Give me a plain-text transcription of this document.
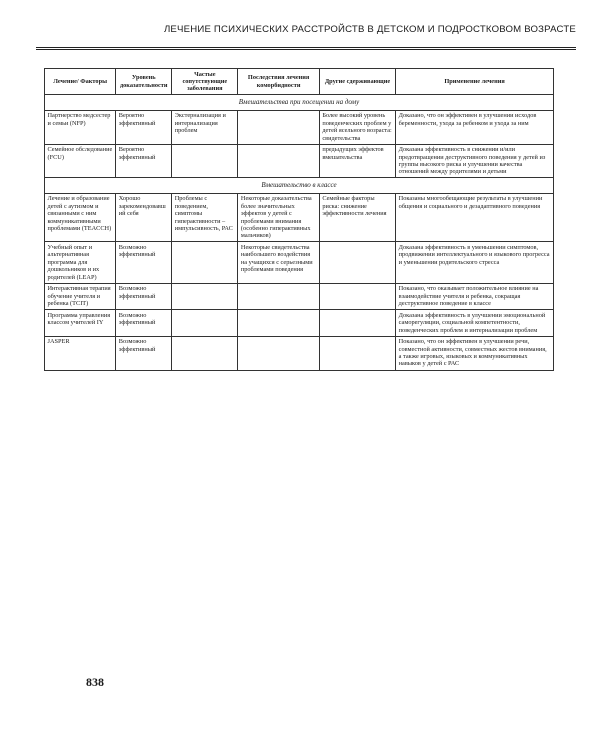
ЛЕЧЕНИЕ ПСИХИЧЕСКИХ РАССТРОЙСТВ В ДЕТСКОМ И ПОДРОСТКОВОМ ВОЗРАСТЕ
Лечение/ Факторы	Уровень доказательности	Частые сопутствующие заболевания	Последствия лечения коморбидности	Другие сдерживающие	Применение лечения
Вмешательства при посещении на дому					
Партнерство медсестер и семьи (NFP)	Вероятно эффективный	Экстернализация и интернализация проблем		Более высокий уровень поведенческих проблем у детей ясельного возраста: свидетельства	Доказано, что он эффективен в улучшении исходов беременности, ухода за ребенком и ухода за ним
Семейное обследование (FCU)	Вероятно эффективный			предыдущих эффектов вмешательства	Доказана эффективность в снижении и/или предотвращении деструктивного поведения у детей из группы высокого риска и улучшении качества отношений между родителями и детьми
Вмешательство в классе					
Лечение и образование детей с аутизмом и связанными с ним коммуникативными проблемами (TEACCH)	Хорошо зарекомендовавший себя	Проблемы с поведением, симптомы гиперактивности – импульсивность, РАС	Некоторые доказательства более значительных эффектов у детей с проблемами внимания (особенно гиперактивных мальчиков)	Семейные факторы риска: снижение эффективности лечения	Показаны многообещающие результаты в улучшении общения и социального и дезадаптивного поведения
Учебный опыт и альтернативная программа для дошкольников и их родителей (LEAP)	Возможно эффективный		Некоторые свидетельства наибольшего воздействия на учащихся с серьезными проблемами поведения		Доказана эффективность в уменьшении симптомов, продвижении интеллектуального и языкового прогресса и уменьшении родительского стресса
Интерактивная терапия обучение учителя и ребенка (TCIT)	Возможно эффективный				Показано, что оказывает положительное влияние на взаимодействие учителя и ребенка, сокращая деструктивное поведение в классе
Программа управления классом учителей IY	Возможно эффективный				Доказана эффективность в улучшении эмоциональной саморегуляции, социальной компетентности, поведенческих проблем и интернализации проблем
JASPER	Возможно эффективный				Показано, что он эффективен в улучшении речи, совместной активности, совместных жестов внимания, а также игровых, языковых и коммуникативных навыков у детей с РАС
838
